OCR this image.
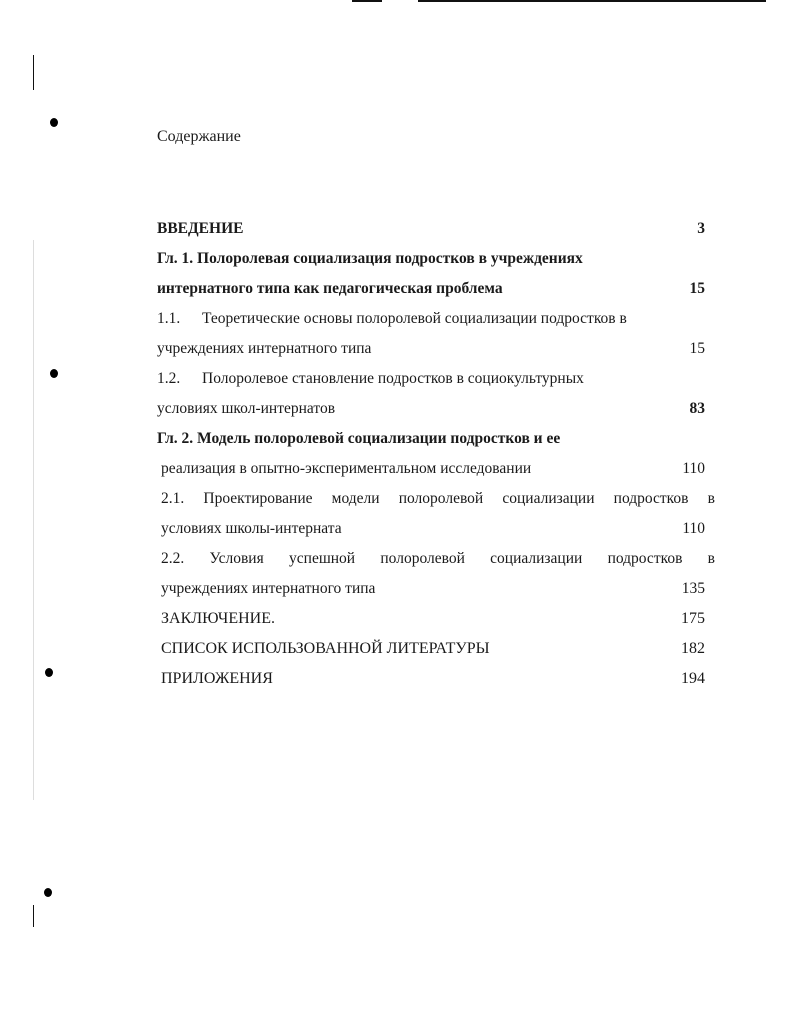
Содержание
ВВЕДЕНИЕ	3
Гл. 1. Полоролевая социализация подростков в учреждениях
интернатного типа как педагогическая проблема	15
1.1. Теоретические основы полоролевой социализации подростков в
учреждениях интернатного типа	15
1.2. Полоролевое становление подростков в социокультурных
условиях школ-интернатов	83
Гл. 2. Модель полоролевой социализации подростков и ее
реализация в опытно-экспериментальном исследовании	110
2.1. Проектирование модели полоролевой социализации подростков в
условиях школы-интерната	110
2.2. Условия успешной полоролевой социализации подростков в
учреждениях интернатного типа	135
ЗАКЛЮЧЕНИЕ.	175
СПИСОК ИСПОЛЬЗОВАННОЙ ЛИТЕРАТУРЫ	182
ПРИЛОЖЕНИЯ	194
